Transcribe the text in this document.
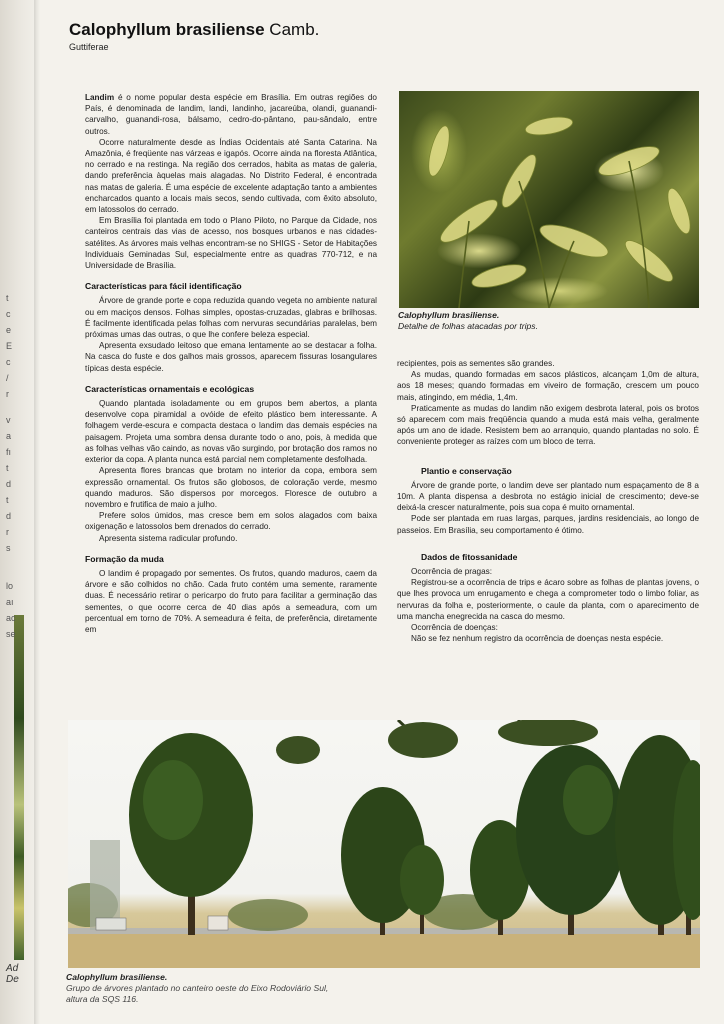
Ad
De
t
c
e
E
c
/
r
v
a
fı
t
d
t
d
r
s
lo
aı
ac
se
Calophyllum brasiliense Camb.
Guttiferae

Landim é o nome popular desta espécie em Brasília. Em outras regiões do País, é denominada de landim, landi, landinho, jacareúba, olandi, guanandi-carvalho, guanandi-rosa, bálsamo, cedro-do-pântano, pau-sândalo, entre outros.

Ocorre naturalmente desde as Índias Ocidentais até Santa Catarina. Na Amazônia, é freqüente nas várzeas e igapós. Ocorre ainda na floresta Atlântica, no cerrado e na restinga. Na região dos cerrados, habita as matas de galeria, dando preferência àquelas mais alagadas. No Distrito Federal, é encontrada nas matas de galeria. É uma espécie de excelente adaptação tanto a ambientes encharcados quanto a locais mais secos, sendo cultivada, com êxito absoluto, em latossolos do cerrado.

Em Brasília foi plantada em todo o Plano Piloto, no Parque da Cidade, nos canteiros centrais das vias de acesso, nos bosques urbanos e nas cidades-satélites. As árvores mais velhas encontram-se no SHIGS - Setor de Habitações Individuais Geminadas Sul, especialmente entre as quadras 770-712, e na Universidade de Brasília.

Características para fácil identificação

Árvore de grande porte e copa reduzida quando vegeta no ambiente natural ou em maciços densos. Folhas simples, opostas-cruzadas, glabras e brilhosas. É facilmente identificada pelas folhas com nervuras secundárias paralelas, bem próximas umas das outras, o que lhe confere beleza especial.

Apresenta exsudado leitoso que emana lentamente ao se destacar a folha. Na casca do fuste e dos galhos mais grossos, aparecem fissuras losangulares típicas desta espécie.

Características ornamentais e ecológicas

Quando plantada isoladamente ou em grupos bem abertos, a planta desenvolve copa piramidal a ovóide de efeito plástico bem interessante. A folhagem verde-escura e compacta destaca o landim das demais espécies na paisagem. Projeta uma sombra densa durante todo o ano, pois, à medida que as folhas velhas vão caindo, as novas vão surgindo, por brotação dos ramos no exterior da copa. A planta nunca está parcial nem completamente desfolhada.

Apresenta flores brancas que brotam no interior da copa, embora sem expressão ornamental. Os frutos são globosos, de coloração verde, mesmo quando maduros. São dispersos por morcegos. Floresce de outubro a novembro e frutifica de maio a julho.

Prefere solos úmidos, mas cresce bem em solos alagados com baixa oxigenação e latossolos bem drenados do cerrado.

Apresenta sistema radicular profundo.

Formação da muda

O landim é propagado por sementes. Os frutos, quando maduros, caem da árvore e são colhidos no chão. Cada fruto contém uma semente, raramente duas. É necessário retirar o pericarpo do fruto para facilitar a germinação das sementes, o que ocorre cerca de 40 dias após a semeadura, com um percentual em torno de 70%. A semeadura é feita, de preferência, diretamente em

Calophyllum brasiliense.
Detalhe de folhas atacadas por trips.

recipientes, pois as sementes são grandes.

As mudas, quando formadas em sacos plásticos, alcançam 1,0m de altura, aos 18 meses; quando formadas em viveiro de formação, crescem um pouco mais, atingindo, em média, 1,4m.

Praticamente as mudas do landim não exigem desbrota lateral, pois os brotos só aparecem com mais freqüência quando a muda está mais velha, geralmente após um ano de idade. Resistem bem ao arranquio, quando plantadas no solo. É conveniente proteger as raízes com um bloco de terra.

Plantio e conservação

Árvore de grande porte, o landim deve ser plantado num espaçamento de 8 a 10m. A planta dispensa a desbrota no estágio inicial de crescimento; deve-se deixá-la crescer naturalmente, pois sua copa é muito ornamental.

Pode ser plantada em ruas largas, parques, jardins residenciais, ao longo de passeios. Em Brasília, seu comportamento é ótimo.

Dados de fitossanidade

Ocorrência de pragas:

Registrou-se a ocorrência de trips e ácaro sobre as folhas de plantas jovens, o que lhes provoca um enrugamento e chega a comprometer todo o limbo foliar, as nervuras da folha e, posteriormente, o caule da planta, com o aparecimento de uma mancha enegrecida na casca do mesmo.

Ocorrência de doenças:

Não se fez nenhum registro da ocorrência de doenças nesta espécie.

Calophyllum brasiliense.
Grupo de árvores plantado no canteiro oeste do Eixo Rodoviário Sul,
altura da SQS 116.
